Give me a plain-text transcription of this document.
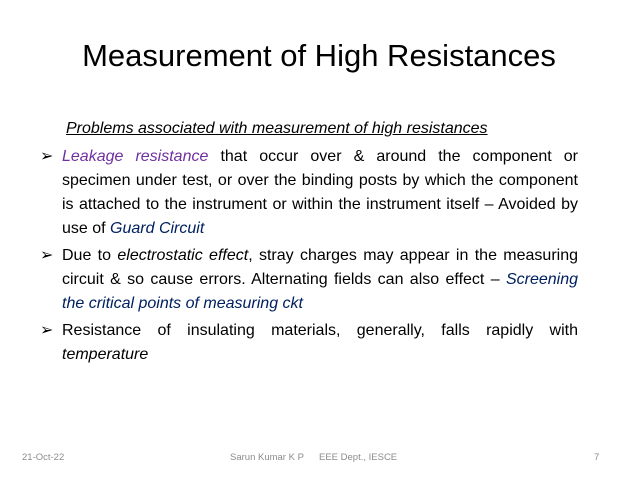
Measurement of High Resistances
Problems associated with measurement of high resistances
➢ Leakage resistance that occur over & around the component or specimen under test, or over the binding posts by which the component is attached to the instrument or within the instrument itself – Avoided by use of Guard Circuit
➢ Due to electrostatic effect, stray charges may appear in the measuring circuit & so cause errors. Alternating fields can also effect – Screening the critical points of measuring ckt
➢ Resistance of insulating materials, generally, falls rapidly with temperature
21-Oct-22	Sarun Kumar K P EEE Dept., IESCE	7
